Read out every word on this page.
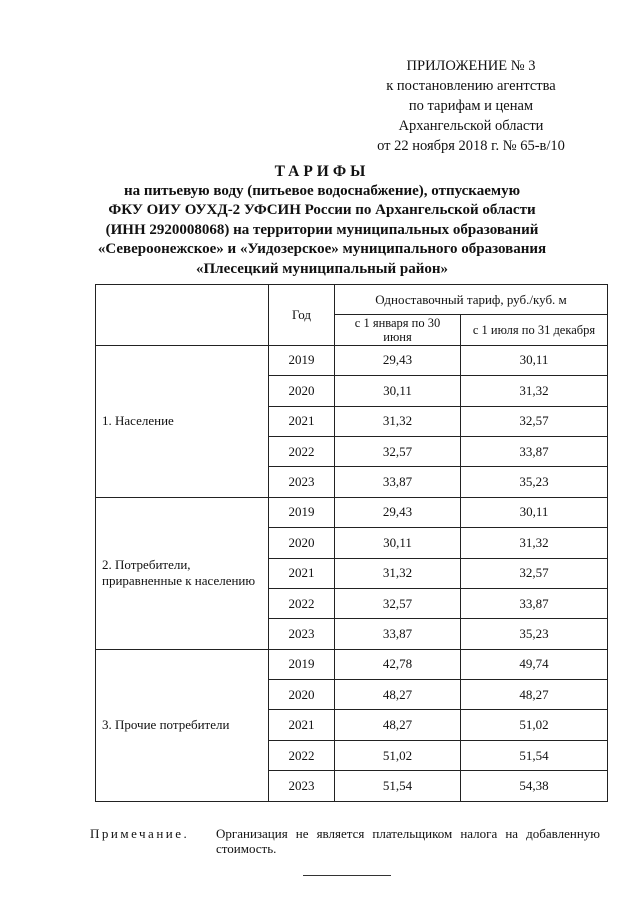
ПРИЛОЖЕНИЕ № 3
к постановлению агентства
по тарифам и ценам
Архангельской области
от 22 ноября 2018 г. № 65-в/10
ТАРИФЫ
на питьевую воду (питьевое водоснабжение), отпускаемую
ФКУ ОИУ ОУХД-2 УФСИН России по Архангельской области
(ИНН 2920008068) на территории муниципальных образований
«Североонежское» и «Уидозерское» муниципального образования
«Плесецкий муниципальный район»
	Год	Одноставочный тариф, руб./куб. м	
		с 1 января по 30 июня	с 1 июля по 31 декабря
1. Население	2019	29,43	30,11
	2020	30,11	31,32
	2021	31,32	32,57
	2022	32,57	33,87
	2023	33,87	35,23
2. Потребители, приравненные к населению	2019	29,43	30,11
	2020	30,11	31,32
	2021	31,32	32,57
	2022	32,57	33,87
	2023	33,87	35,23
3. Прочие потребители	2019	42,78	49,74
	2020	48,27	48,27
	2021	48,27	51,02
	2022	51,02	51,54
	2023	51,54	54,38
Примечание. Организация не является плательщиком налога на добавленную стоимость.
